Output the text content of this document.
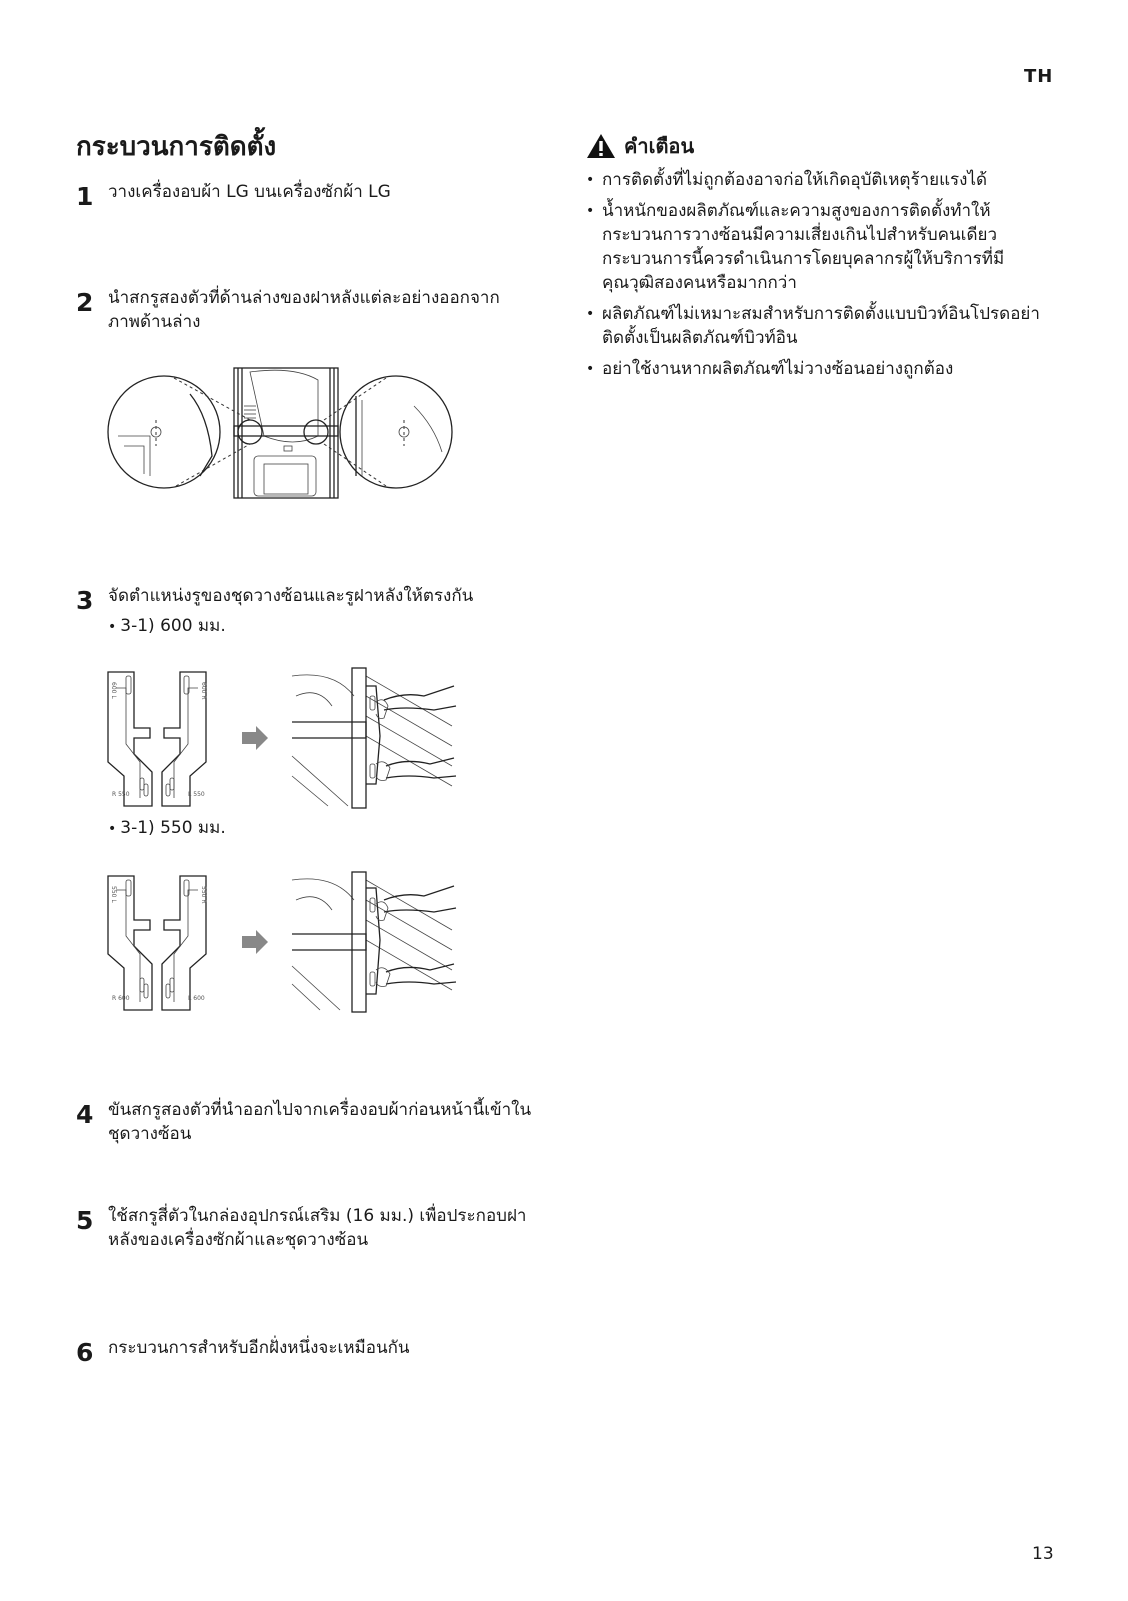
TH
กระบวนการติดตั้ง
1 วางเครื่องอบผ้า LG บนเครื่องซักผ้า LG
2 นำสกรูสองตัวที่ด้านล่างของฝาหลังแต่ละอย่างออกจากภาพด้านล่าง
3 จัดตำแหน่งรูของชุดวางซ้อนและรูฝาหลังให้ตรงกัน
• 3-1) 600 มม.
600 L
R 550
600 R
L 550
• 3-1) 550 มม.
550 L
R 600
550 R
L 600
4 ขันสกรูสองตัวที่นำออกไปจากเครื่องอบผ้าก่อนหน้านี้เข้าในชุดวางซ้อน
5 ใช้สกรูสี่ตัวในกล่องอุปกรณ์เสริม (16 มม.) เพื่อประกอบฝาหลังของเครื่องซักผ้าและชุดวางซ้อน
6 กระบวนการสำหรับอีกฝั่งหนึ่งจะเหมือนกัน
คำเตือน
• การติดตั้งที่ไม่ถูกต้องอาจก่อให้เกิดอุบัติเหตุร้ายแรงได้
• น้ำหนักของผลิตภัณฑ์และความสูงของการติดตั้งทำให้กระบวนการวางซ้อนมีความเสี่ยงเกินไปสำหรับคนเดียว กระบวนการนี้ควรดำเนินการโดยบุคลากรผู้ให้บริการที่มีคุณวุฒิสองคนหรือมากกว่า
• ผลิตภัณฑ์ไม่เหมาะสมสำหรับการติดตั้งแบบบิวท์อินโปรดอย่าติดตั้งเป็นผลิตภัณฑ์บิวท์อิน
• อย่าใช้งานหากผลิตภัณฑ์ไม่วางซ้อนอย่างถูกต้อง
13
